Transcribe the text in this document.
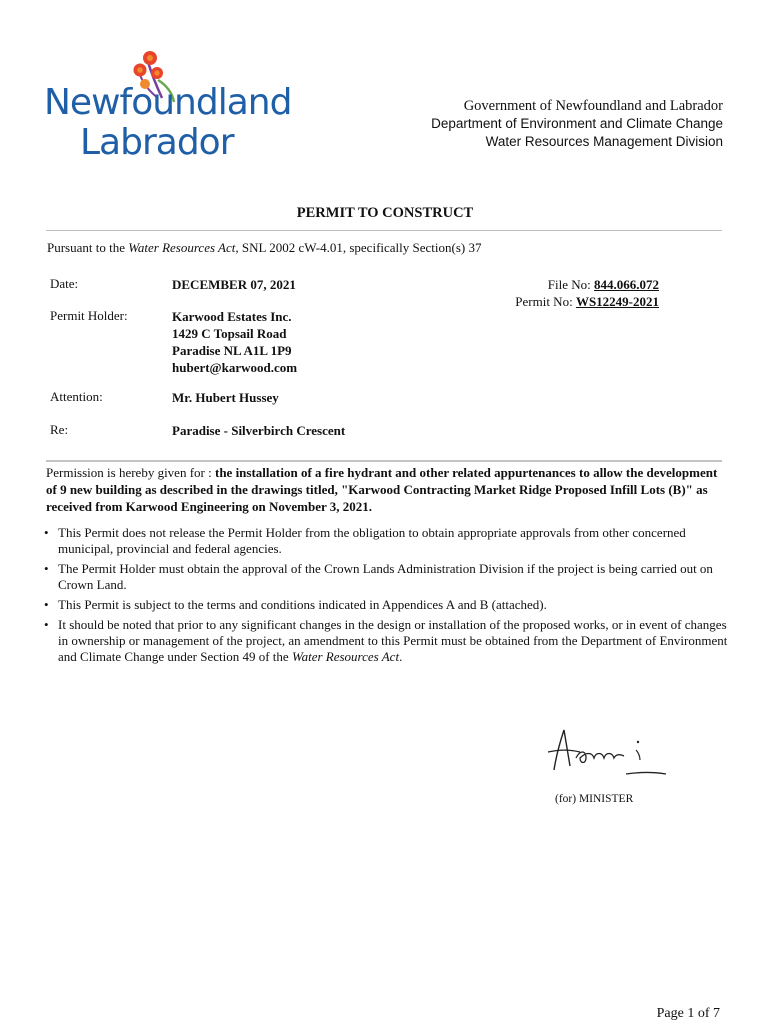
Newfoundland
Labrador
Government of Newfoundland and Labrador
Department of Environment and Climate Change
Water Resources Management Division
PERMIT TO CONSTRUCT
Pursuant to the Water Resources Act, SNL 2002 cW-4.01, specifically Section(s) 37
Date:	DECEMBER 07, 2021
Permit Holder:	Karwood Estates Inc.
1429 C Topsail Road
Paradise NL A1L 1P9
hubert@karwood.com
Attention:	Mr. Hubert Hussey
Re:	Paradise - Silverbirch Crescent
File No: 844.066.072
Permit No: WS12249-2021
Permission is hereby given for : the installation of a fire hydrant and other related appurtenances to allow the development of 9 new building as described in the drawings titled, "Karwood Contracting Market Ridge Proposed Infill Lots (B)" as received from Karwood Engineering on November 3, 2021.
• This Permit does not release the Permit Holder from the obligation to obtain appropriate approvals from other concerned municipal, provincial and federal agencies.
• The Permit Holder must obtain the approval of the Crown Lands Administration Division if the project is being carried out on Crown Land.
• This Permit is subject to the terms and conditions indicated in Appendices A and B (attached).
• It should be noted that prior to any significant changes in the design or installation of the proposed works, or in event of changes in ownership or management of the project, an amendment to this Permit must be obtained from the Department of Environment and Climate Change under Section 49 of the Water Resources Act.
(for) MINISTER
Page 1 of 7
